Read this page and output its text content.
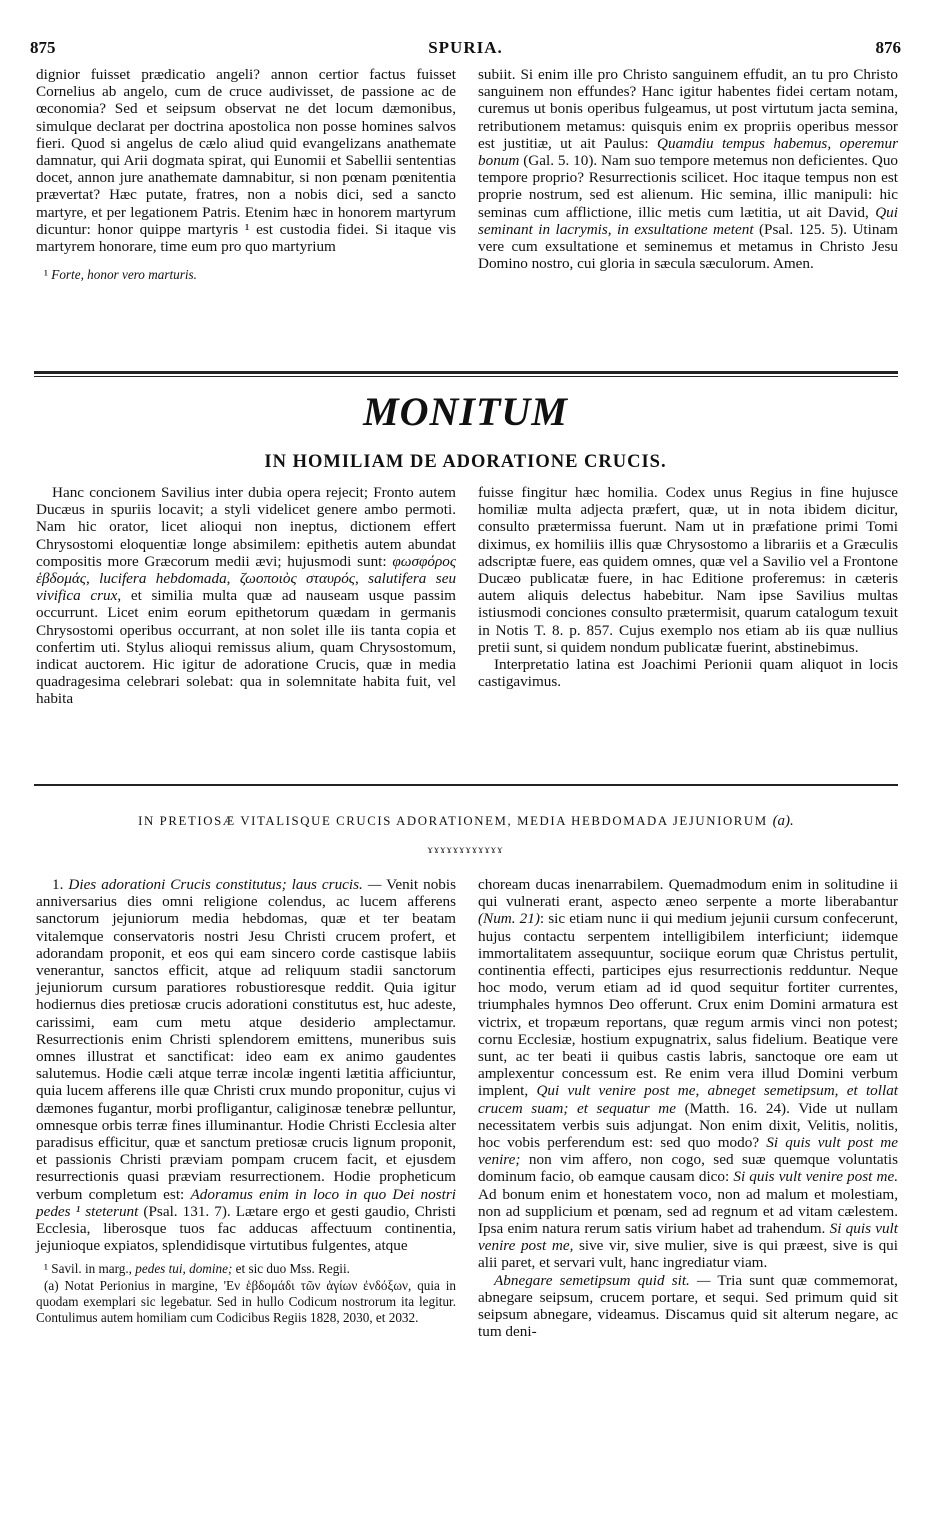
875	SPURIA.	876

dignior fuisset prædicatio angeli? annon certior factus fuisset Cornelius ab angelo, cum de cruce audivisset, de passione ac de œconomia? Sed et seipsum observat ne det locum dæmonibus, simulque declarat per doctrina apostolica non posse homines salvos fieri. Quod si angelus de cælo aliud quid evangelizans anathematе damnatur, qui Arii dogmata spirat, qui Eunomii et Sabellii sententias docet, annon jure anathemate damnabitur, si non pœnam pœnitentia prævertat? Hæc putate, fratres, non a nobis dici, sed a sancto martyre, et per legationem Patris. Etenim hæc in honorem martyrum dicuntur: honor quippe martyris ¹ est custodia fidei. Si itaque vis martyrem honorare, time eum pro quo martyrium

¹ Forte, honor vero marturis.

subiit. Si enim ille pro Christo sanguinem effudit, an tu pro Christo sanguinem non effundes? Hanc igitur habentes fidei certam notam, curemus ut bonis operibus fulgeamus, ut post virtutum jacta semina, retributionem metamus: quisquis enim ex propriis operibus messor est justitiæ, ut ait Paulus: Quamdiu tempus habemus, operemur bonum (Gal. 5. 10). Nam suo tempore metemus non deficientes. Quo tempore proprio? Resurrectionis scilicet. Hoc itaque tempus non est proprie nostrum, sed est alienum. Hic semina, illic manipuli: hic seminas cum afflictione, illic metis cum lætitia, ut ait David, Qui seminant in lacrymis, in exsultatione metent (Psal. 125. 5). Utinam vere cum exsultatione et seminemus et metamus in Christo Jesu Domino nostro, cui gloria in sæcula sæculorum. Amen.

MONITUM
IN HOMILIAM DE ADORATIONE CRUCIS.

Hanc concionem Savilius inter dubia opera rejecit; Fronto autem Ducæus in spuriis locavit; a styli videlicet genere ambo permoti. Nam hic orator, licet alioqui non ineptus, dictionem effert Chrysostomi eloquentiæ longe absimilem: epithetis autem abundat compositis more Græcorum medii ævi; hujusmodi sunt: φωσφόρος ἑβδομάς, lucifera hebdomada, ζωοποιὸς σταυρός, salutifera seu vivifica crux, et similia multa quæ ad nauseam usque passim occurrunt. Licet enim eorum epithetorum quædam in germanis Chrysostomi operibus occurrant, at non solet ille iis tanta copia et confertim uti. Stylus alioqui remissus alium, quam Chrysostomum, indicat auctorem. Hic igitur de adoratione Crucis, quæ in media quadragesima celebrari solebat: qua in solemnitate habita fuit, vel habita

fuisse fingitur hæc homilia. Codex unus Regius in fine hujusce homiliæ multa adjecta præfert, quæ, ut in nota ibidem dicitur, consulto prætermissa fuerunt. Nam ut in præfatione primi Tomi diximus, ex homiliis illis quæ Chrysostomo a librariis et a Græculis adscriptæ fuere, eas quidem omnes, quæ vel a Savilio vel a Frontone Ducæo publicatæ fuere, in hac Editione proferemus: in cæteris autem aliquis delectus habebitur. Nam ipse Savilius multas istiusmodi conciones consulto prætermisit, quarum catalogum texuit in Notis T. 8. p. 857. Cujus exemplo nos etiam ab iis quæ nullius pretii sunt, si quidem nondum publicatæ fuerint, abstinebimus.

Interpretatio latina est Joachimi Perionii quam aliquot in locis castigavimus.

IN PRETIOSÆ VITALISQUE CRUCIS ADORATIONEM, MEDIA HEBDOMADA JEJUNIORUM (a).
ɤɤɤɤɤɤɤɤɤɤɤɤ

1. Dies adorationi Crucis constitutus; laus crucis. — Venit nobis anniversarius dies omni religione colendus, ac lucem afferens sanctorum jejuniorum media hebdomas, quæ et ter beatam vitalemque conservatoris nostri Jesu Christi crucem profert, et adorandam proponit, et eos qui eam sincero corde castisque labiis venerantur, sanctos efficit, atque ad reliquum stadii sanctorum jejuniorum cursum paratiores robustioresque reddit. Quia igitur hodiernus dies pretiosæ crucis adorationi constitutus est, huc adeste, carissimi, eam cum metu atque desiderio amplectamur. Resurrectionis enim Christi splendorem emittens, muneribus suis omnes illustrat et sanctificat: ideo eam ex animo gaudentes salutemus. Hodie cæli atque terræ incolæ ingenti lætitia afficiuntur, quia lucem afferens ille quæ Christi crux mundo proponitur, cujus vi dæmones fugantur, morbi profligantur, caliginosæ tenebræ pelluntur, omnesque orbis terræ fines illuminantur. Hodie Christi Ecclesia alter paradisus efficitur, quæ et sanctum pretiosæ crucis lignum proponit, et passionis Christi præviam pompam crucem facit, et ejusdem resurrectionis quasi præviam resurrectionem. Hodie propheticum verbum completum est: Adoramus enim in loco in quo Dei nostri pedes ¹ steterunt (Psal. 131. 7). Lætare ergo et gesti gaudio, Christi Ecclesia, liberosque tuos fac adducas affectuum continentia, jejunioque expiatos, splendidisque virtutibus fulgentes, atque

¹ Savil. in marg., pedes tui, domine; et sic duo Mss. Regii.

(a) Notat Perionius in margine, 'Εν ἑβδομάδι τῶν ἁγίων ἐνδόξων, quia in quodam exemplari sic legebatur. Sed in hullo Codicum nostrorum ita legitur. Contulimus autem homiliam cum Codicibus Regiis 1828, 2030, et 2032.

choream ducas inenarrabilem. Quemadmodum enim in solitudine ii qui vulnerati erant, aspecto æneo serpente a morte liberabantur (Num. 21): sic etiam nunc ii qui medium jejunii cursum confecerunt, hujus contactu serpentem intelligibilem interficiunt; iidemque immortalitatem assequuntur, sociique eorum quæ Christus pertulit, continentia effecti, participes ejus resurrectionis redduntur. Neque hoc modo, verum etiam ad id quod sequitur fortiter currentes, triumphales hymnos Deo offerunt. Crux enim Domini armatura est victrix, et tropæum reportans, quæ regum armis vinci non potest; cornu Ecclesiæ, hostium expugnatrix, salus fidelium. Beatique vere sunt, ac ter beati ii quibus castis labris, sanctoque ore eam ut amplexentur concessum est. Re enim vera illud Domini verbum implent, Qui vult venire post me, abneget semetipsum, et tollat crucem suam; et sequatur me (Matth. 16. 24). Vide ut nullam necessitatem verbis suis adjungat. Non enim dixit, Velitis, nolitis, hoc vobis perferendum est: sed quo modo? Si quis vult post me venire; non vim affero, non cogo, sed suæ quemque voluntatis dominum facio, ob eamque causam dico: Si quis vult venire post me. Ad bonum enim et honestatem voco, non ad malum et molestiam, non ad supplicium et pœnam, sed ad regnum et ad vitam cælestem. Ipsa enim natura rerum satis virium habet ad trahendum. Si quis vult venire post me, sive vir, sive mulier, sive is qui præest, sive is qui alii paret, et servari vult, hanc ingrediatur viam.

Abnegare semetipsum quid sit. — Tria sunt quæ commemorat, abnegare seipsum, crucem portare, et sequi. Sed primum quid sit seipsum abnegare, videamus. Discamus quid sit alterum negare, ac tum deni-
